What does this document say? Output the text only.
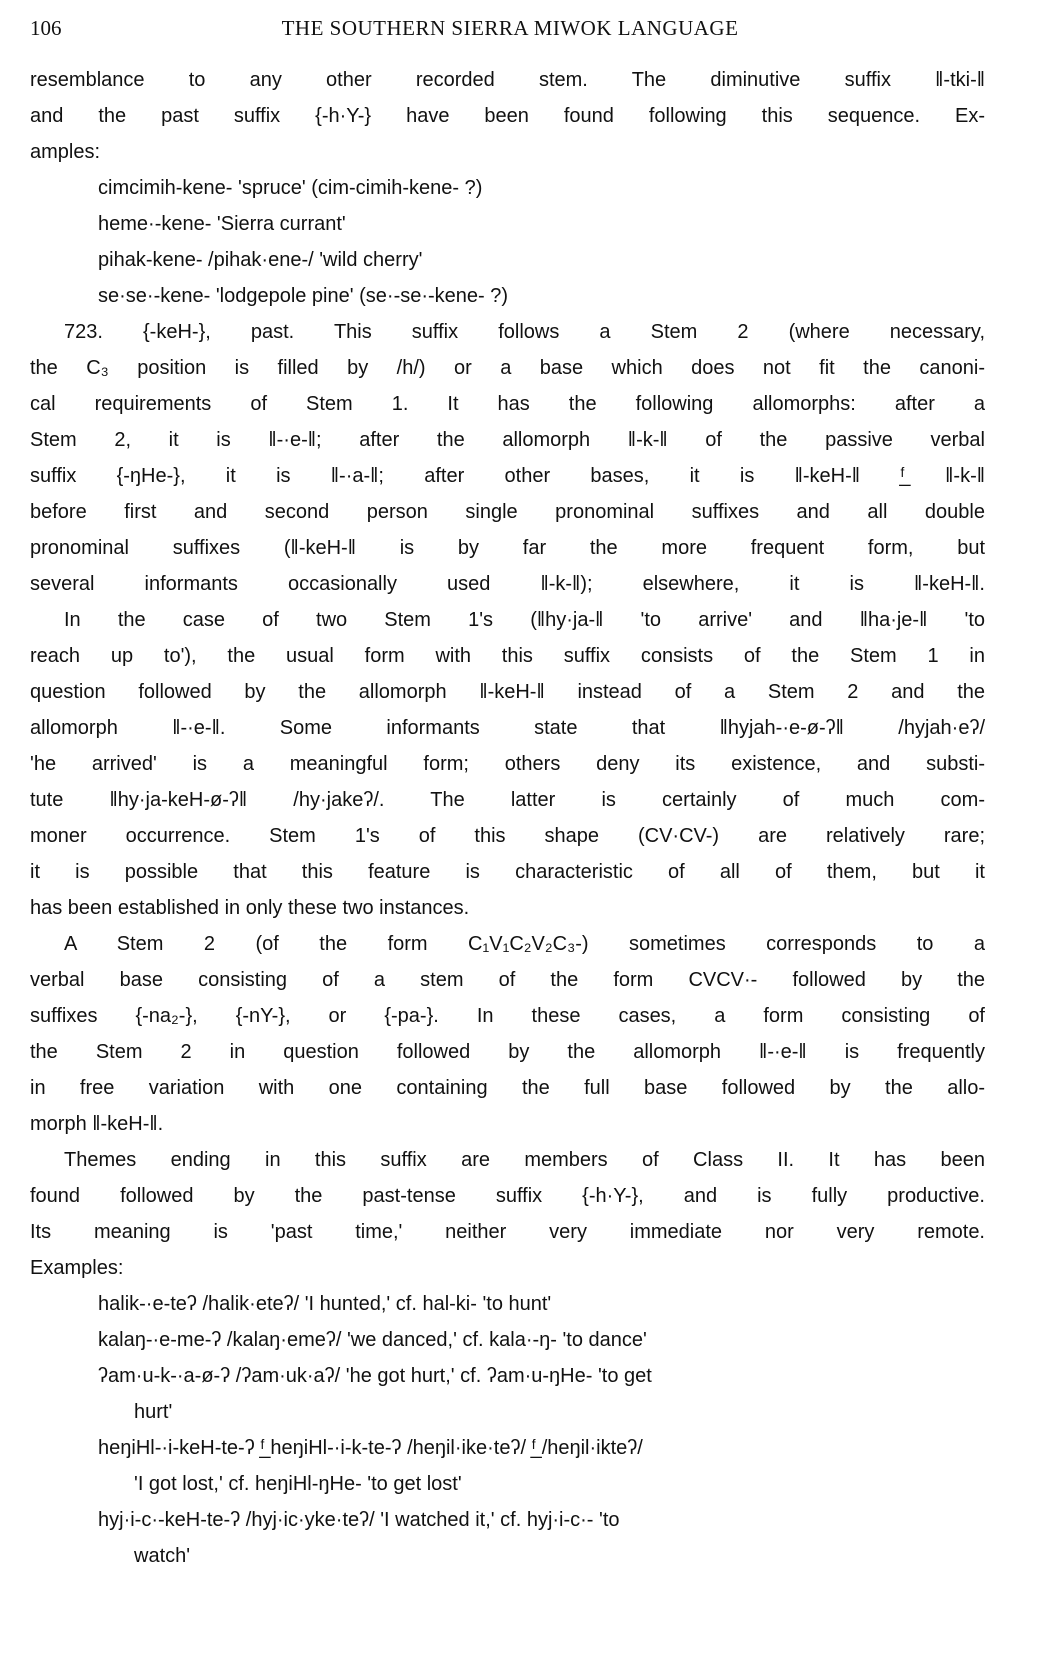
106	THE SOUTHERN SIERRA MIWOK LANGUAGE
resemblance to any other recorded stem. The diminutive suffix ‖-tki-‖
and the past suffix {-h·Y-} have been found following this sequence. Ex-
amples:
cimcimih-kene- 'spruce' (cim-cimih-kene- ?)
heme·-kene- 'Sierra currant'
pihak-kene- /pihak·ene-/ 'wild cherry'
se·se·-kene- 'lodgepole pine' (se·-se·-kene- ?)
723. {-keH-}, past. This suffix follows a Stem 2 (where necessary,
the C₃ position is filled by /h/) or a base which does not fit the canoni-
cal requirements of Stem 1. It has the following allomorphs: after a
Stem 2, it is ‖-·e-‖; after the allomorph ‖-k-‖ of the passive verbal
suffix {-ŋHe-}, it is ‖-·a-‖; after other bases, it is ‖-keH-‖ ᶠ̲ ‖-k-‖
before first and second person single pronominal suffixes and all double
pronominal suffixes (‖-keH-‖ is by far the more frequent form, but
several informants occasionally used ‖-k-‖); elsewhere, it is ‖-keH-‖.
In the case of two Stem 1's (‖hy·ja-‖ 'to arrive' and ‖ha·je-‖ 'to
reach up to'), the usual form with this suffix consists of the Stem 1 in
question followed by the allomorph ‖-keH-‖ instead of a Stem 2 and the
allomorph ‖-·e-‖. Some informants state that ‖hyjah-·e-ø-ʔ‖ /hyjah·eʔ/
'he arrived' is a meaningful form; others deny its existence, and substi-
tute ‖hy·ja-keH-ø-ʔ‖ /hy·jakeʔ/. The latter is certainly of much com-
moner occurrence. Stem 1's of this shape (CV·CV-) are relatively rare;
it is possible that this feature is characteristic of all of them, but it
has been established in only these two instances.
A Stem 2 (of the form C₁V₁C₂V₂C₃-) sometimes corresponds to a
verbal base consisting of a stem of the form CVCV·- followed by the
suffixes {-na₂-}, {-nY-}, or {-pa-}. In these cases, a form consisting of
the Stem 2 in question followed by the allomorph ‖-·e-‖ is frequently
in free variation with one containing the full base followed by the allo-
morph ‖-keH-‖.
Themes ending in this suffix are members of Class II. It has been
found followed by the past-tense suffix {-h·Y-}, and is fully productive.
Its meaning is 'past time,' neither very immediate nor very remote.
Examples:
halik-·e-teʔ /halik·eteʔ/ 'I hunted,' cf. hal-ki- 'to hunt'
kalaŋ-·e-me-ʔ /kalaŋ·emeʔ/ 'we danced,' cf. kala·-ŋ- 'to dance'
ʔam·u-k-·a-ø-ʔ /ʔam·uk·aʔ/ 'he got hurt,' cf. ʔam·u-ŋHe- 'to get
hurt'
heŋiHl-·i-keH-te-ʔ ᶠ̲ heŋiHl-·i-k-te-ʔ /heŋil·ike·teʔ/ ᶠ̲ /heŋil·ikteʔ/
'I got lost,' cf. heŋiHl-ŋHe- 'to get lost'
hyj·i-c·-keH-te-ʔ /hyj·ic·yke·teʔ/ 'I watched it,' cf. hyj·i-c·- 'to
watch'
